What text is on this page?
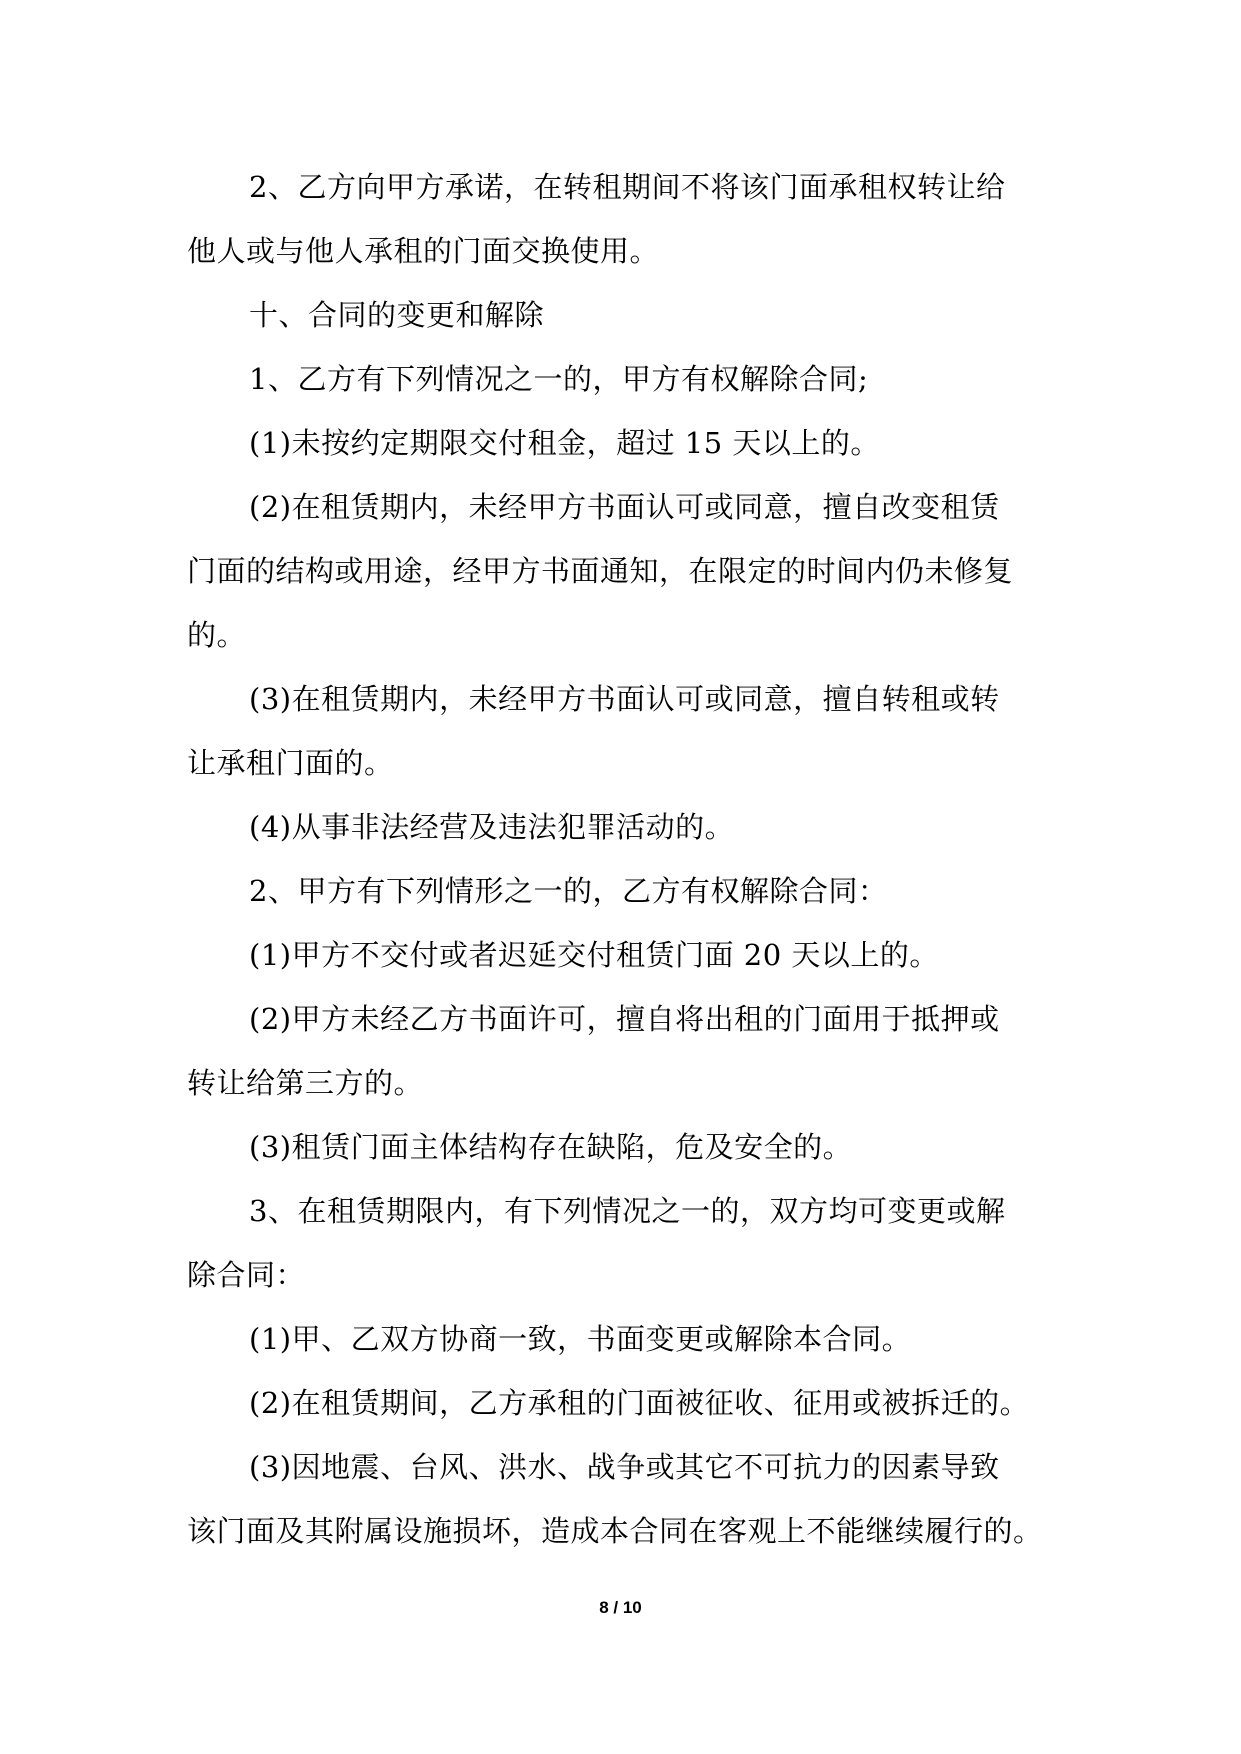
2、乙方向甲方承诺，在转租期间不将该门面承租权转让给
他人或与他人承租的门面交换使用。
十、合同的变更和解除
1、乙方有下列情况之一的，甲方有权解除合同;
(1)未按约定期限交付租金，超过 15 天以上的。
(2)在租赁期内，未经甲方书面认可或同意，擅自改变租赁
门面的结构或用途，经甲方书面通知，在限定的时间内仍未修复
的。
(3)在租赁期内，未经甲方书面认可或同意，擅自转租或转
让承租门面的。
(4)从事非法经营及违法犯罪活动的。
2、甲方有下列情形之一的，乙方有权解除合同：
(1)甲方不交付或者迟延交付租赁门面 20 天以上的。
(2)甲方未经乙方书面许可，擅自将出租的门面用于抵押或
转让给第三方的。
(3)租赁门面主体结构存在缺陷，危及安全的。
3、在租赁期限内，有下列情况之一的，双方均可变更或解
除合同：
(1)甲、乙双方协商一致，书面变更或解除本合同。
(2)在租赁期间，乙方承租的门面被征收、征用或被拆迁的。
(3)因地震、台风、洪水、战争或其它不可抗力的因素导致
该门面及其附属设施损坏，造成本合同在客观上不能继续履行的。
8 / 10
